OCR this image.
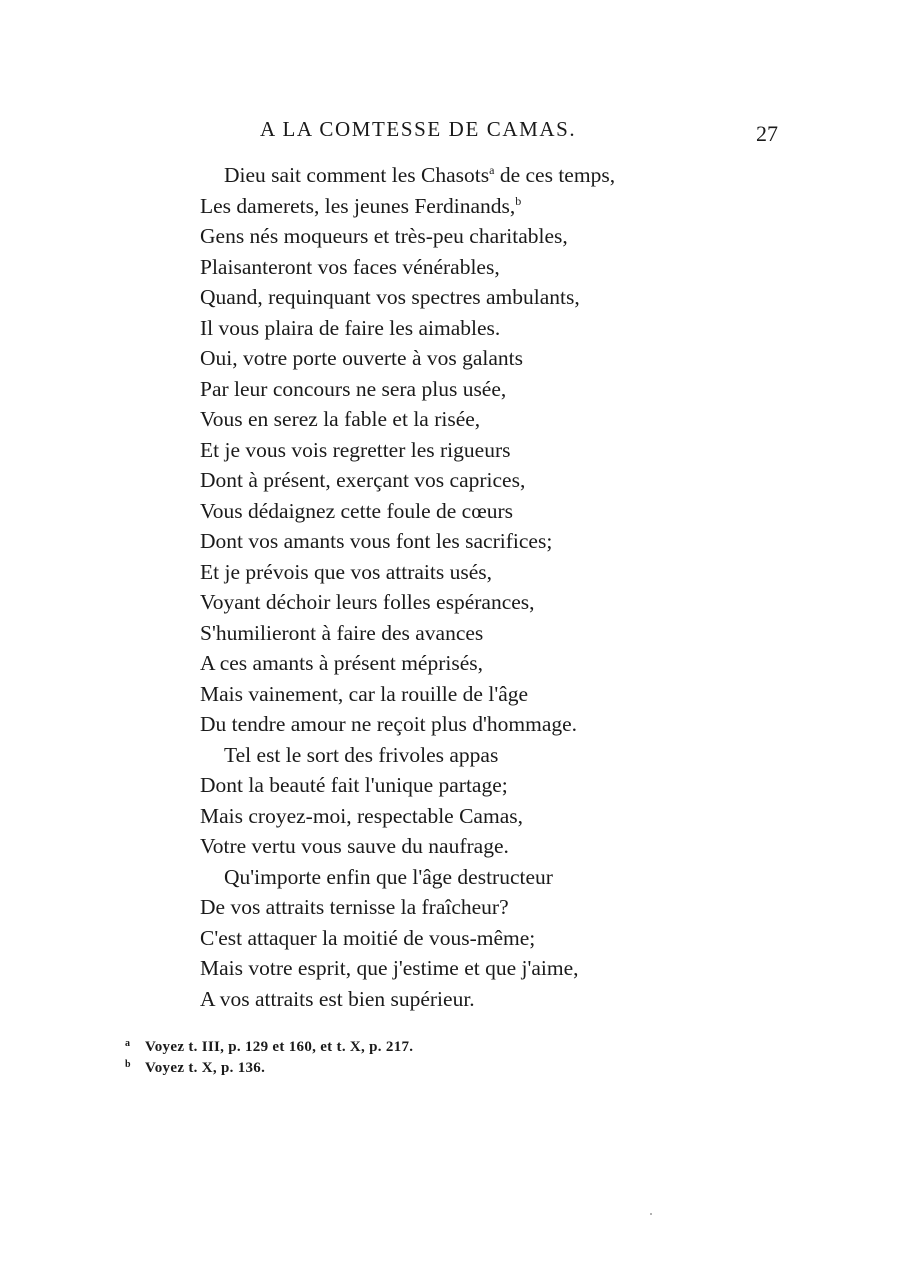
A LA COMTESSE DE CAMAS.	27
Dieu sait comment les Chasots$^a$ de ces temps,
Les damerets, les jeunes Ferdinands,$^b$
Gens nés moqueurs et très-peu charitables,
Plaisanteront vos faces vénérables,
Quand, requinquant vos spectres ambulants,
Il vous plaira de faire les aimables.
Oui, votre porte ouverte à vos galants
Par leur concours ne sera plus usée,
Vous en serez la fable et la risée,
Et je vous vois regretter les rigueurs
Dont à présent, exerçant vos caprices,
Vous dédaignez cette foule de cœurs
Dont vos amants vous font les sacrifices;
Et je prévois que vos attraits usés,
Voyant déchoir leurs folles espérances,
S'humilieront à faire des avances
A ces amants à présent méprisés,
Mais vainement, car la rouille de l'âge
Du tendre amour ne reçoit plus d'hommage.
Tel est le sort des frivoles appas
Dont la beauté fait l'unique partage;
Mais croyez-moi, respectable Camas,
Votre vertu vous sauve du naufrage.
Qu'importe enfin que l'âge destructeur
De vos attraits ternisse la fraîcheur?
C'est attaquer la moitié de vous-même;
Mais votre esprit, que j'estime et que j'aime,
A vos attraits est bien supérieur.
a Voyez t. III, p. 129 et 160, et t. X, p. 217.
b Voyez t. X, p. 136.
